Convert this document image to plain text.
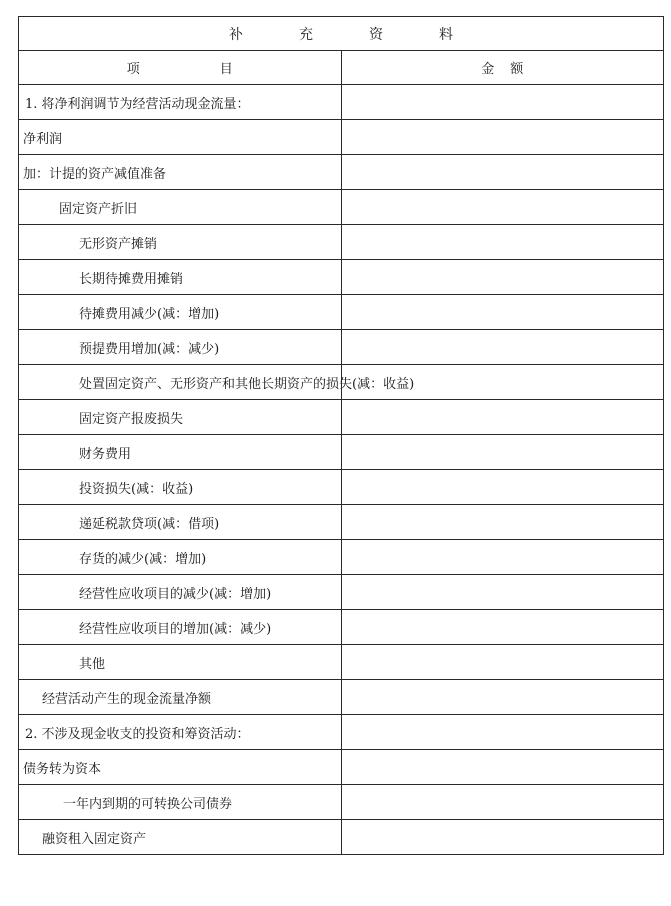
补充资料	
项目	金额
1. 将净利润调节为经营活动现金流量：	
净利润	
加：计提的资产减值准备	
固定资产折旧	
无形资产摊销	
长期待摊费用摊销	
待摊费用减少(减：增加)	
预提费用增加(减：减少)	
处置固定资产、无形资产和其他长期资产的损失(减：收益)	
固定资产报废损失	
财务费用	
投资损失(减：收益)	
递延税款贷项(减：借项)	
存货的减少(减：增加)	
经营性应收项目的减少(减：增加)	
经营性应收项目的增加(减：减少)	
其他	
经营活动产生的现金流量净额	
2. 不涉及现金收支的投资和筹资活动：	
债务转为资本	
一年内到期的可转换公司债券	
融资租入固定资产	
